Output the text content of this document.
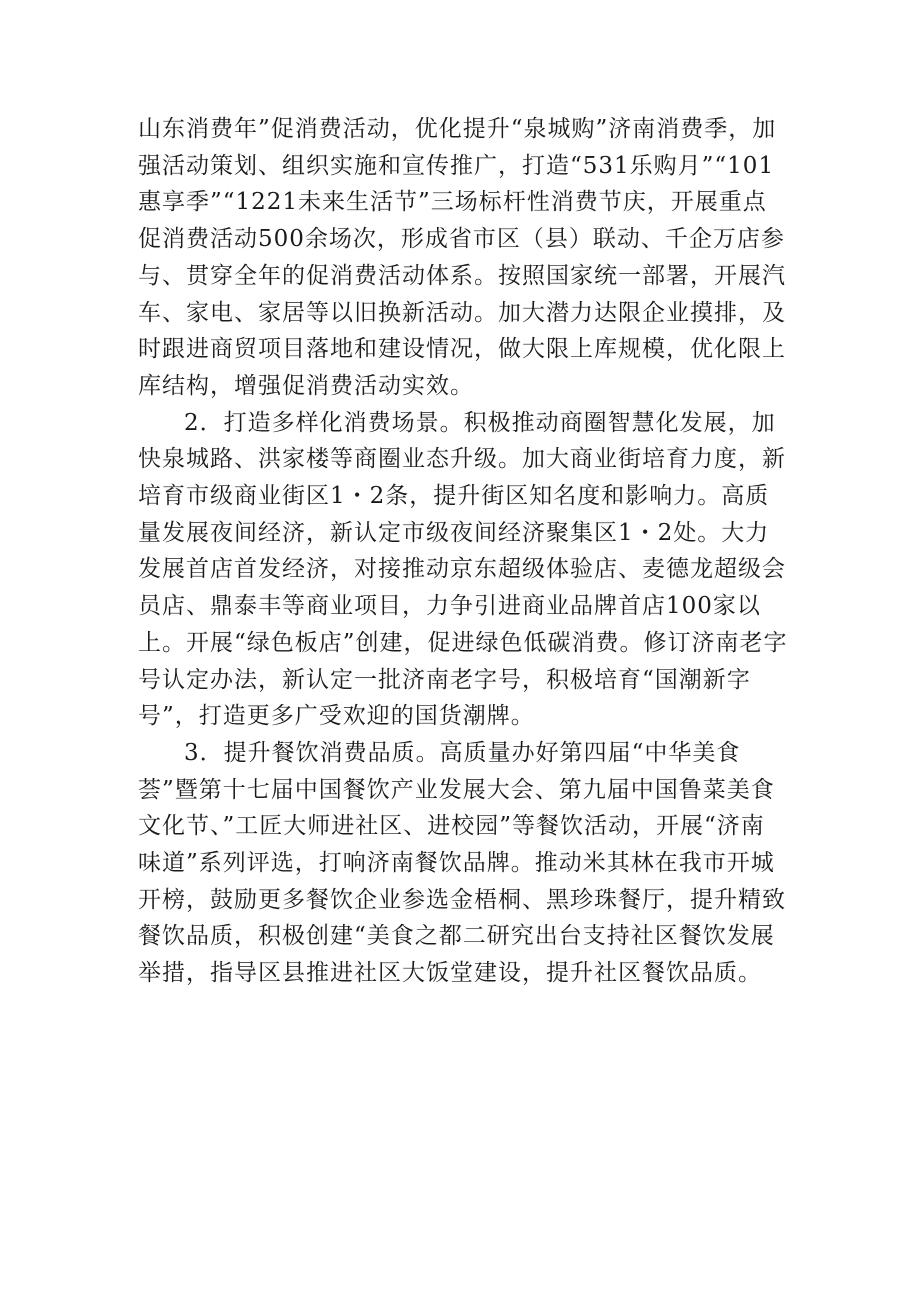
山东消费年”促消费活动，优化提升“泉城购”济南消费季，加强活动策划、组织实施和宣传推广，打造“531乐购月”“101惠享季”“1221未来生活节”三场标杆性消费节庆，开展重点促消费活动500余场次，形成省市区（县）联动、千企万店参与、贯穿全年的促消费活动体系。按照国家统一部署，开展汽车、家电、家居等以旧换新活动。加大潜力达限企业摸排，及时跟进商贸项目落地和建设情况，做大限上库规模，优化限上库结构，增强促消费活动实效。

2．打造多样化消费场景。积极推动商圈智慧化发展，加快泉城路、洪家楼等商圈业态升级。加大商业街培育力度，新培育市级商业街区1・2条，提升街区知名度和影响力。高质量发展夜间经济，新认定市级夜间经济聚集区1・2处。大力发展首店首发经济，对接推动京东超级体验店、麦德龙超级会员店、鼎泰丰等商业项目，力争引进商业品牌首店100家以上。开展“绿色板店”创建，促进绿色低碳消费。修订济南老字号认定办法，新认定一批济南老字号，积极培育“国潮新字号”，打造更多广受欢迎的国货潮牌。

3．提升餐饮消费品质。高质量办好第四届“中华美食荟”暨第十七届中国餐饮产业发展大会、第九届中国鲁菜美食文化节、”工匠大师进社区、进校园”等餐饮活动，开展“济南味道”系列评选，打响济南餐饮品牌。推动米其林在我市开城开榜，鼓励更多餐饮企业参选金梧桐、黑珍珠餐厅，提升精致餐饮品质，积极创建“美食之都二研究出台支持社区餐饮发展举措，指导区县推进社区大饭堂建设，提升社区餐饮品质。
